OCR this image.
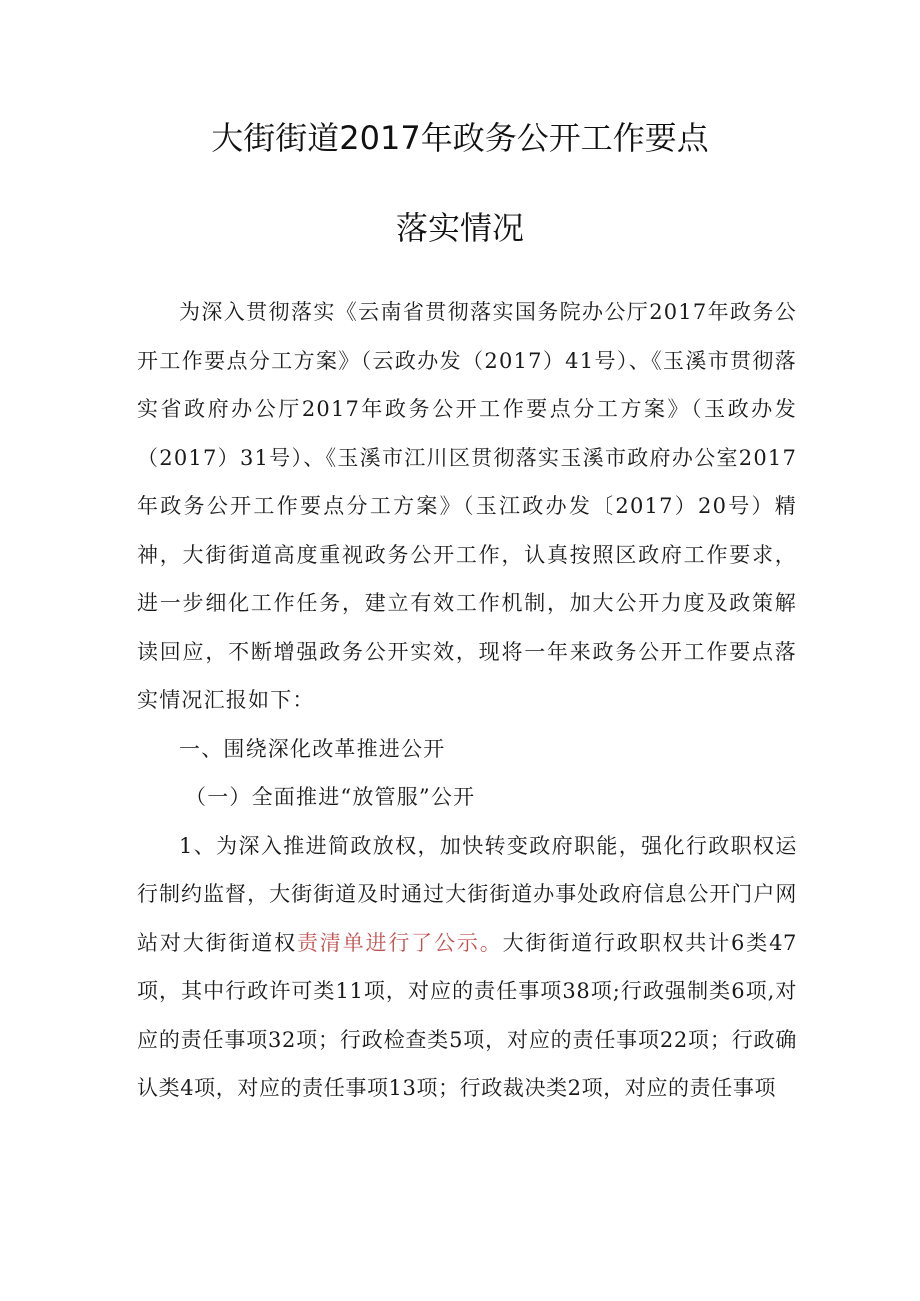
大街街道2017年政务公开工作要点
落实情况

为深入贯彻落实《云南省贯彻落实国务院办公厅2017年政务公开工作要点分工方案》（云政办发（2017）41号）、《玉溪市贯彻落实省政府办公厅2017年政务公开工作要点分工方案》（玉政办发（2017）31号）、《玉溪市江川区贯彻落实玉溪市政府办公室2017年政务公开工作要点分工方案》（玉江政办发〔2017）20号）精神，大街街道高度重视政务公开工作，认真按照区政府工作要求，进一步细化工作任务，建立有效工作机制，加大公开力度及政策解读回应，不断增强政务公开实效，现将一年来政务公开工作要点落实情况汇报如下：

一、围绕深化改革推进公开

（一）全面推进“放管服”公开

1、为深入推进简政放权，加快转变政府职能，强化行政职权运行制约监督，大街街道及时通过大街街道办事处政府信息公开门户网站对大街街道权责清单进行了公示。大街街道行政职权共计6类47项，其中行政许可类11项，对应的责任事项38项;行政强制类6项,对应的责任事项32项；行政检查类5项，对应的责任事项22项；行政确认类4项，对应的责任事项13项；行政裁决类2项，对应的责任事项
